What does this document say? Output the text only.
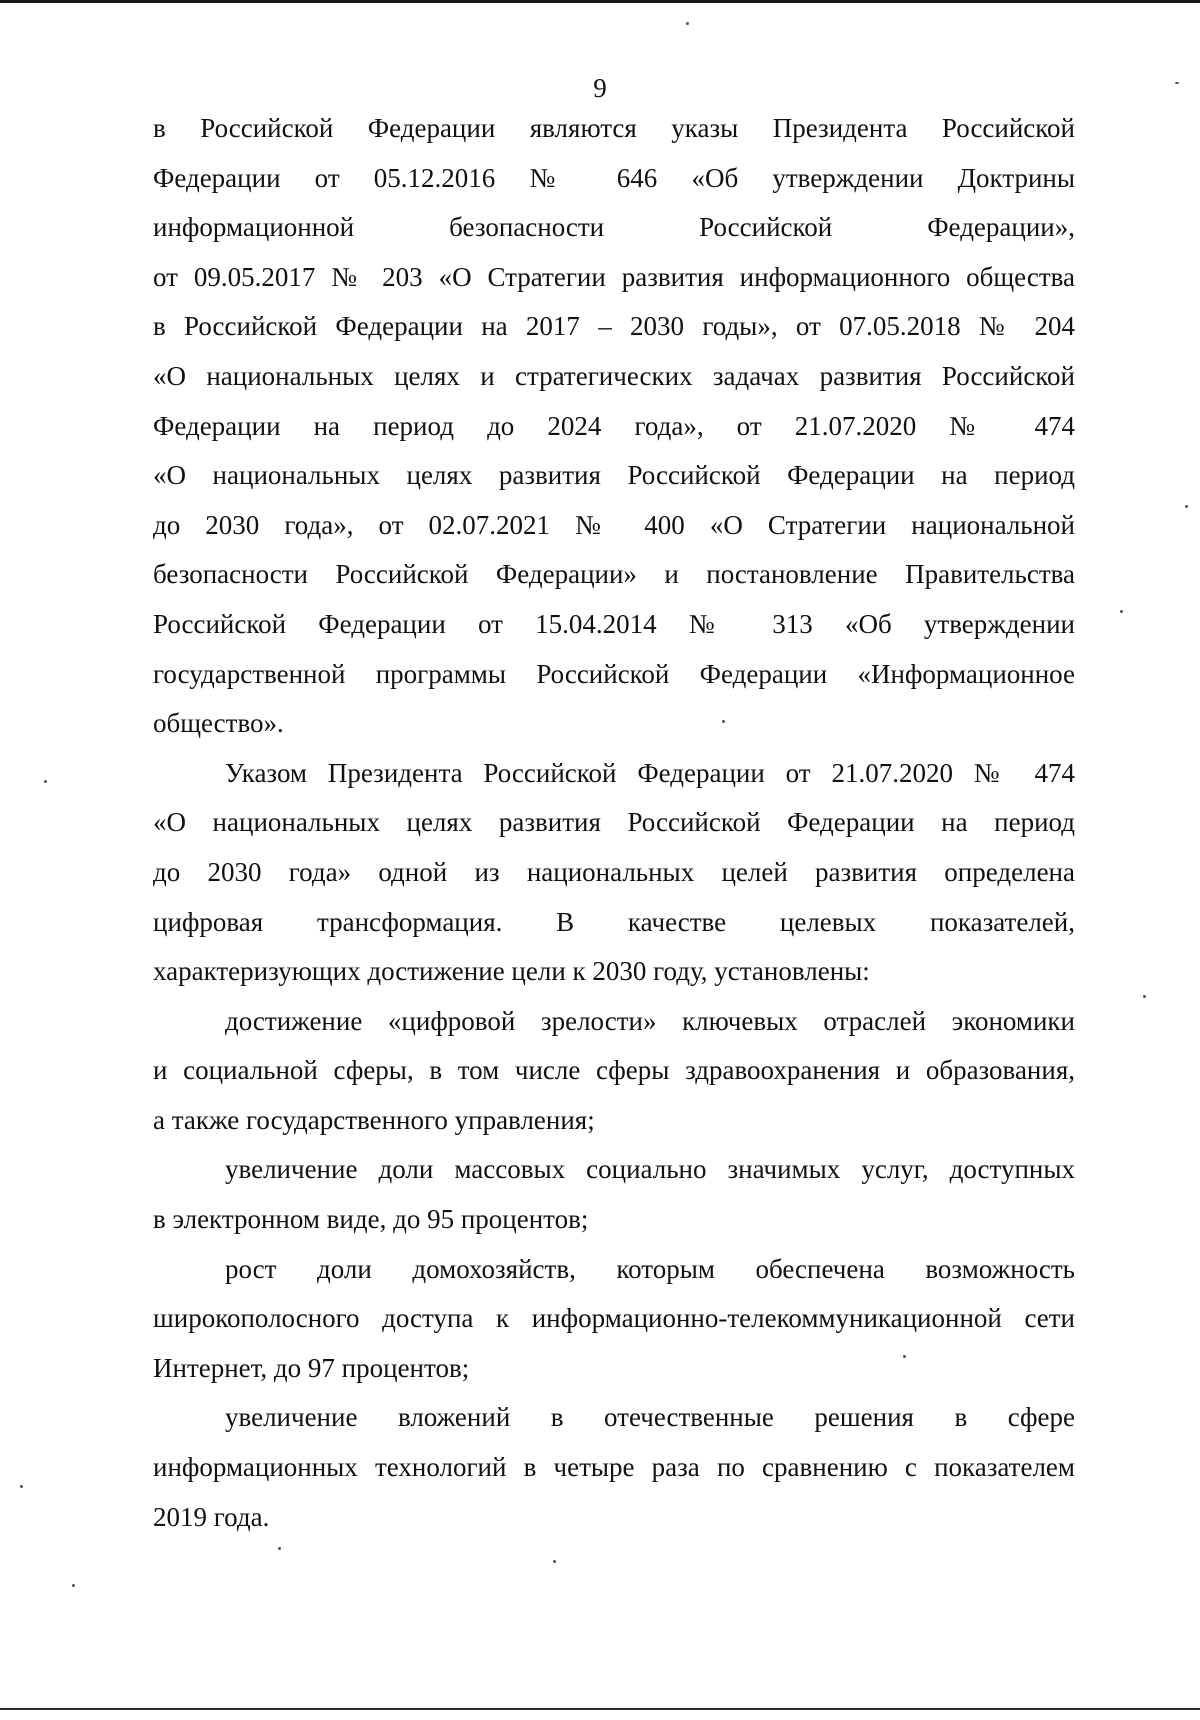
9
в Российской Федерации являются указы Президента Российской
Федерации от 05.12.2016 № 646 «Об утверждении Доктрины
информационной безопасности Российской Федерации»,
от 09.05.2017 № 203 «О Стратегии развития информационного общества
в Российской Федерации на 2017 – 2030 годы», от 07.05.2018 № 204
«О национальных целях и стратегических задачах развития Российской
Федерации на период до 2024 года», от 21.07.2020 № 474
«О национальных целях развития Российской Федерации на период
до 2030 года», от 02.07.2021 № 400 «О Стратегии национальной
безопасности Российской Федерации» и постановление Правительства
Российской Федерации от 15.04.2014 № 313 «Об утверждении
государственной программы Российской Федерации «Информационное
общество».
Указом Президента Российской Федерации от 21.07.2020 № 474
«О национальных целях развития Российской Федерации на период
до 2030 года» одной из национальных целей развития определена
цифровая трансформация. В качестве целевых показателей,
характеризующих достижение цели к 2030 году, установлены:
достижение «цифровой зрелости» ключевых отраслей экономики
и социальной сферы, в том числе сферы здравоохранения и образования,
а также государственного управления;
увеличение доли массовых социально значимых услуг, доступных
в электронном виде, до 95 процентов;
рост доли домохозяйств, которым обеспечена возможность
широкополосного доступа к информационно-телекоммуникационной сети
Интернет, до 97 процентов;
увеличение вложений в отечественные решения в сфере
информационных технологий в четыре раза по сравнению с показателем
2019 года.
